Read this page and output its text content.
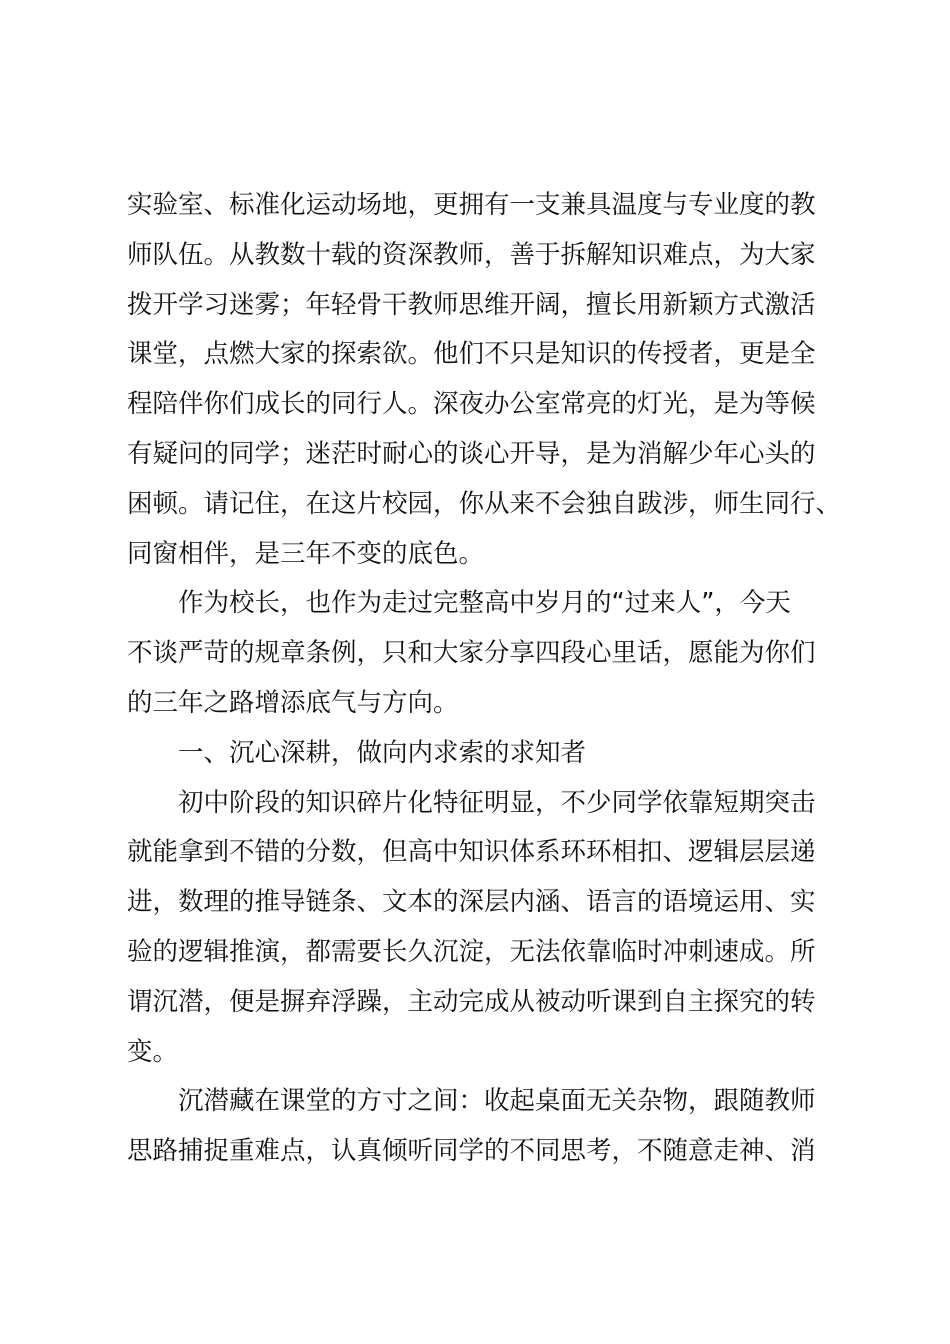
实验室、标准化运动场地，更拥有一支兼具温度与专业度的教
师队伍。从教数十载的资深教师，善于拆解知识难点，为大家
拨开学习迷雾；年轻骨干教师思维开阔，擅长用新颖方式激活
课堂，点燃大家的探索欲。他们不只是知识的传授者，更是全
程陪伴你们成长的同行人。深夜办公室常亮的灯光，是为等候
有疑问的同学；迷茫时耐心的谈心开导，是为消解少年心头的
困顿。请记住，在这片校园，你从来不会独自跋涉，师生同行、
同窗相伴，是三年不变的底色。
作为校长，也作为走过完整高中岁月的“过来人”，今天
不谈严苛的规章条例，只和大家分享四段心里话，愿能为你们
的三年之路增添底气与方向。
一、沉心深耕，做向内求索的求知者
初中阶段的知识碎片化特征明显，不少同学依靠短期突击
就能拿到不错的分数，但高中知识体系环环相扣、逻辑层层递
进，数理的推导链条、文本的深层内涵、语言的语境运用、实
验的逻辑推演，都需要长久沉淀，无法依靠临时冲刺速成。所
谓沉潜，便是摒弃浮躁，主动完成从被动听课到自主探究的转
变。
沉潜藏在课堂的方寸之间：收起桌面无关杂物，跟随教师
思路捕捉重难点，认真倾听同学的不同思考，不随意走神、消
